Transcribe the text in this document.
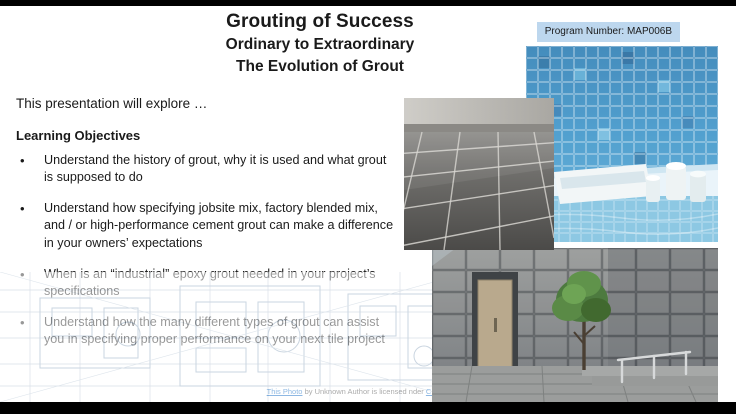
Grouting of Success
Ordinary to Extraordinary
The Evolution of Grout
Program Number: MAP006B
This presentation will explore …
Learning Objectives
• Understand the history of grout, why it is used and what grout is supposed to do
• Understand how specifying jobsite mix, factory blended mix, and / or high-performance cement grout can make a difference in your owners’ expectations
